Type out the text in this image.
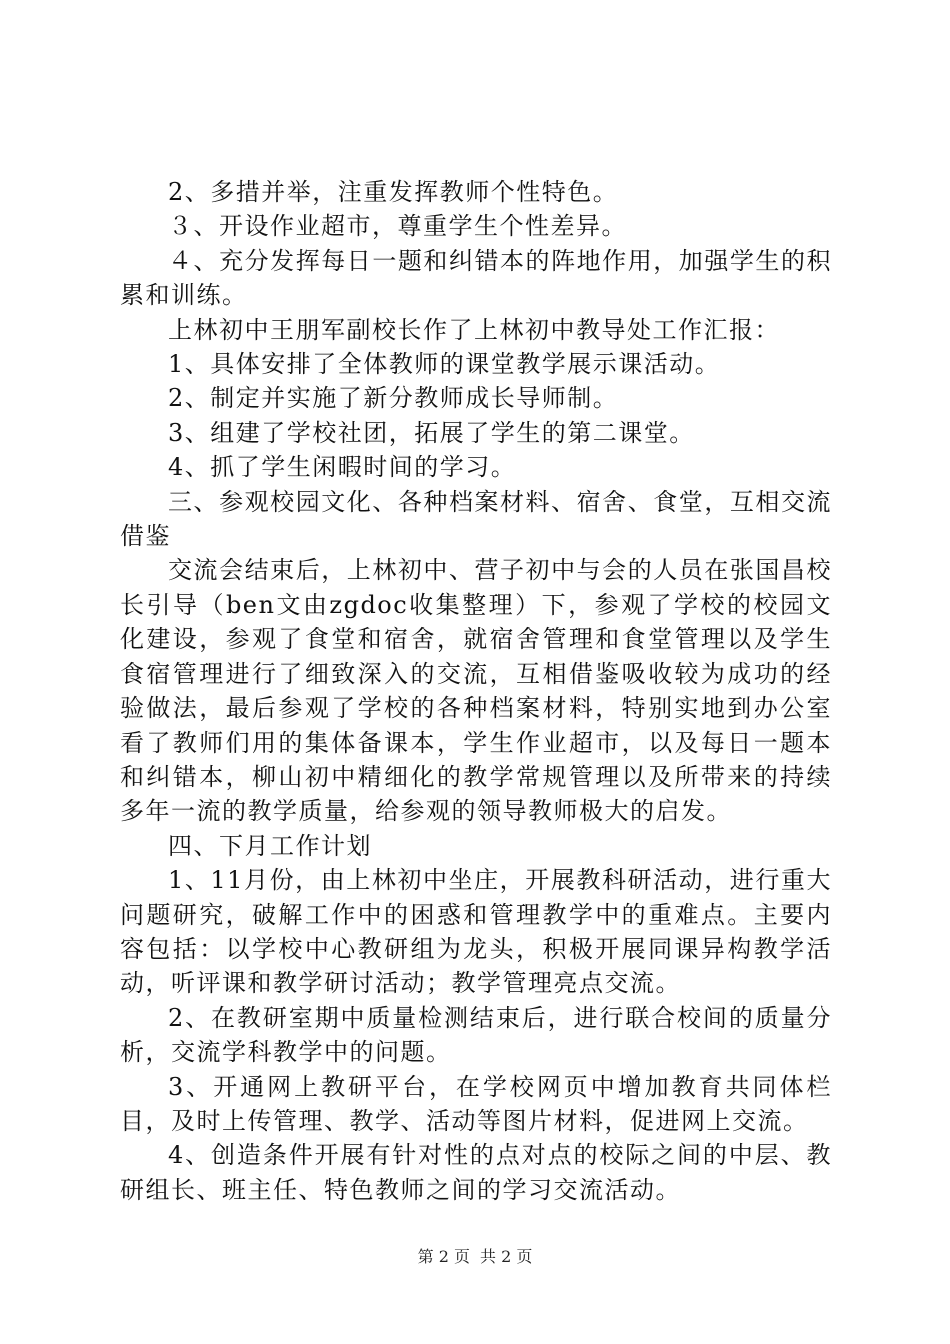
2、多措并举，注重发挥教师个性特色。

３、开设作业超市，尊重学生个性差异。

４、充分发挥每日一题和纠错本的阵地作用，加强学生的积累和训练。

上林初中王朋军副校长作了上林初中教导处工作汇报：

1、具体安排了全体教师的课堂教学展示课活动。

2、制定并实施了新分教师成长导师制。

3、组建了学校社团，拓展了学生的第二课堂。

4、抓了学生闲暇时间的学习。

三、参观校园文化、各种档案材料、宿舍、食堂，互相交流借鉴

交流会结束后，上林初中、营子初中与会的人员在张国昌校长引导（ben文由zgdoc收集整理）下，参观了学校的校园文化建设，参观了食堂和宿舍，就宿舍管理和食堂管理以及学生食宿管理进行了细致深入的交流，互相借鉴吸收较为成功的经验做法，最后参观了学校的各种档案材料，特别实地到办公室看了教师们用的集体备课本，学生作业超市，以及每日一题本和纠错本，柳山初中精细化的教学常规管理以及所带来的持续多年一流的教学质量，给参观的领导教师极大的启发。

四、下月工作计划

1、11月份，由上林初中坐庄，开展教科研活动，进行重大问题研究，破解工作中的困惑和管理教学中的重难点。主要内容包括：以学校中心教研组为龙头，积极开展同课异构教学活动，听评课和教学研讨活动；教学管理亮点交流。

2、在教研室期中质量检测结束后，进行联合校间的质量分析，交流学科教学中的问题。

3、开通网上教研平台，在学校网页中增加教育共同体栏目，及时上传管理、教学、活动等图片材料，促进网上交流。

4、创造条件开展有针对性的点对点的校际之间的中层、教研组长、班主任、特色教师之间的学习交流活动。

第 2 页 共 2 页
